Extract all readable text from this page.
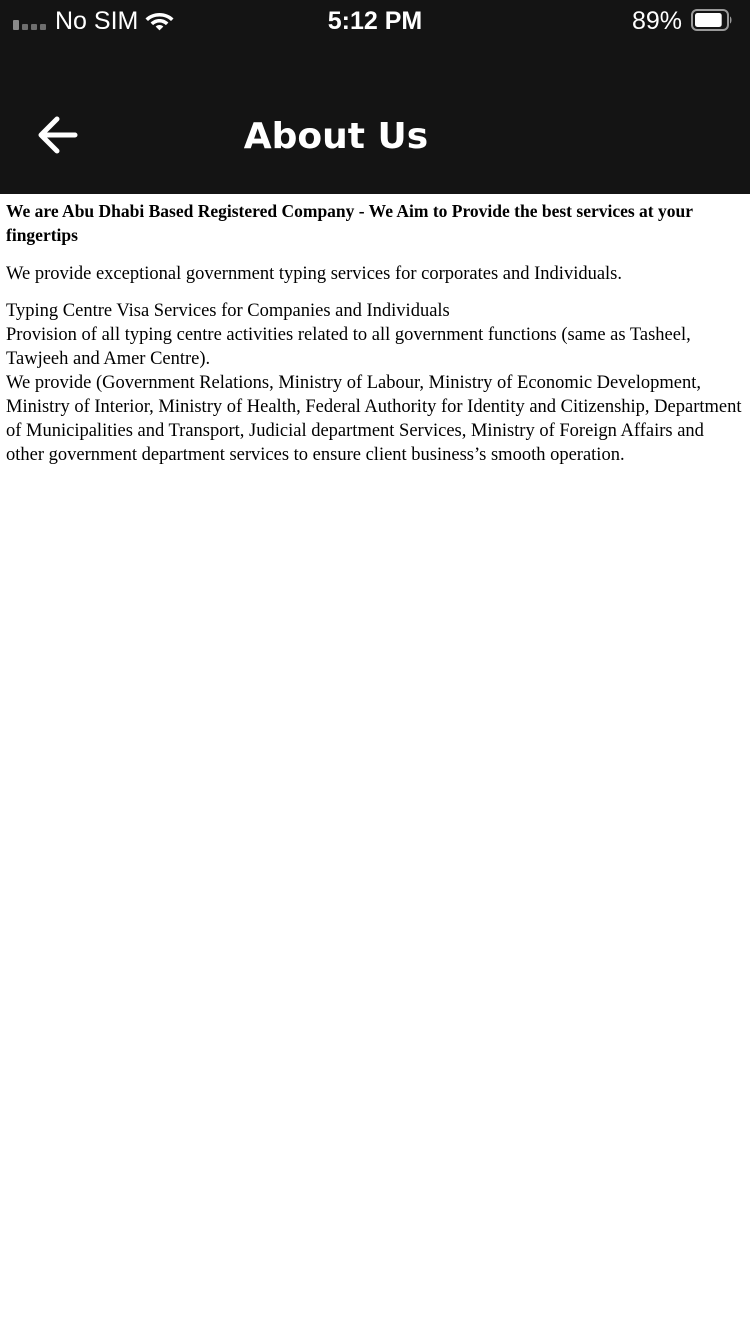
No SIM	5:12 PM	89%
About Us

We are Abu Dhabi Based Registered Company - We Aim to Provide the best services at your fingertips

We provide exceptional government typing services for corporates and Individuals.

Typing Centre Visa Services for Companies and Individuals

Provision of all typing centre activities related to all government functions (same as Tasheel, Tawjeeh and Amer Centre).

We provide (Government Relations, Ministry of Labour, Ministry of Economic Development, Ministry of Interior, Ministry of Health, Federal Authority for Identity and Citizenship, Department of Municipalities and Transport, Judicial department Services, Ministry of Foreign Affairs and other government department services to ensure client business’s smooth operation.
